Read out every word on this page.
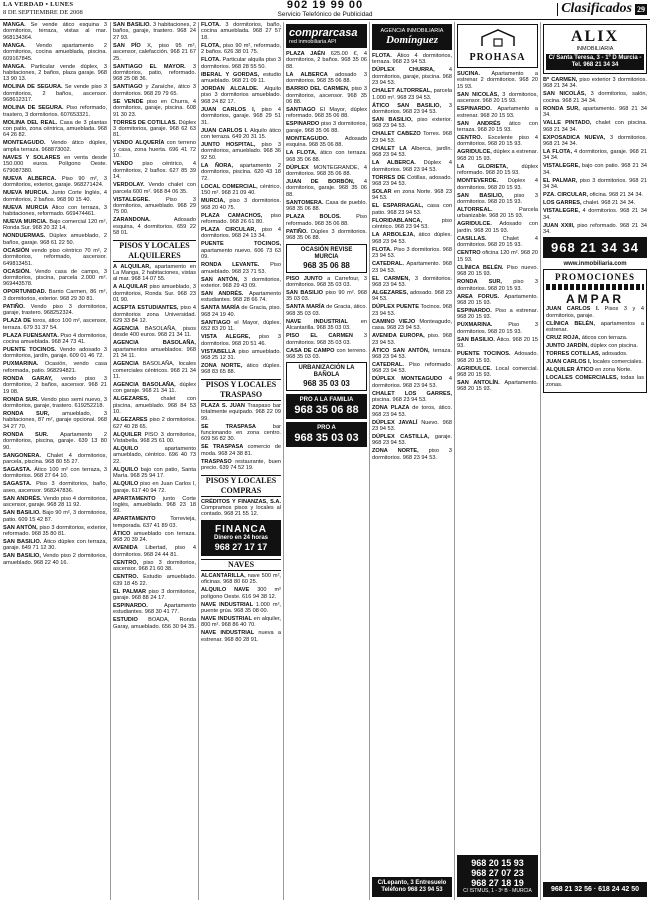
LA VERDAD • LUNES
8 DE SEPTIEMBRE DE 2008
902 19 99 00
Servicio Telefónico de Publicidad	Clasificados 29
MANGA. Se vende ático esquina 3 dormitorios, terraza, vistas al mar. 968134364.
MANGA. Vendo apartamento 2 dormitorios, cocina amueblada, piscina. 609167845.
MANGA. Particular vende dúplex, 3 habitaciones, 2 baños, plaza garaje. 968 13 90 13.
MOLINA DE SEGURA. Se vende piso 3 dormitorios, 2 baños, ascensor. 968612317.
MOLINA DE SEGURA. Piso reformado, trastero, 3 dormitorios. 607653321.
MOLINA DEL REAL. Casa de 3 plantas con patio, zona céntrica, amueblada. 968 64 26 82.
MONTEAGUDO. Vendo ático dúplex, amplia terraza. 968873002.
NAVES Y SOLARES en venta desde 150.000 euros. Polígono Oeste. 679087380.
NUEVA ALBERCA. Piso 90 m², 3 dormitorios, exterior, garaje. 968271424.
NUEVA MURCIA. Junto Corte Inglés, 4 dormitorios, 2 baños. 968 90 15 40.
NUEVA MURCIA Ático con terraza, 3 habitaciones, reformado. 669474461.
NUEVA MURCIA. Bajo comercial 120 m², Ronda Sur. 968 20 32 14.
NONDUERMAS. Dúplex amueblado, 2 baños, garaje. 968 61 22 50.
OCASIÓN vendo piso céntrico 70 m², 2 dormitorios, reformado, ascensor. 649813451.
OCASIÓN. Vendo casa de campo, 3 dormitorios, piscina, parcela 2.000 m². 969443578.
OPORTUNIDAD. Barrio Carmen, 86 m², 3 dormitorios, exterior. 968 29 30 81.
PATIÑO. Vendo piso 3 dormitorios, garaje, trastero. 968252324.
PLAZA DE toros, ático 100 m², ascensor, terraza. 679 31 37 54.
PLAZA FUENSANTA. Piso 4 dormitorios, cocina amueblada. 968 24 73 41.
PUENTE TOCINOS. Vendo adosado 3 dormitorios, jardín, garaje. 609 01 46 72.
PUXMARINA. Ocasión, vendo casa reformada, patio. 968294821.
RONDA GARAY, vendo piso 3 dormitorios, 2 baños, ascensor. 968 21 19 08.
RONDA SUR. Vendo piso semi nuevo, 3 dormitorios, garaje, trastero. 619252218.
RONDA SUR, amueblado, 3 habitaciones, 87 m², garaje opcional. 968 34 27 70.
RONDA SUR. Apartamento 2 dormitorios, piscina, garaje. 639 13 80 90.
SANGONERA. Chalet 4 dormitorios, parcela, piscina. 968 80 55 27.
SAGASTA. Ático 100 m² con terraza, 3 dormitorios. 968 27 64 10.
SAGASTA. Piso 3 dormitorios, baño, aseo, ascensor. 968247836.
SAN ANDRÉS. Vendo piso 4 dormitorios, ascensor, garaje. 968 28 11 92.
SAN BASILIO. Bajo 90 m², 3 dormitorios, patio. 609 15 42 87.
SAN ANTÓN, piso 3 dormitorios, exterior, reformado. 968 35 80 81.
SAN BASILIO. Ático dúplex con terraza, garaje. 649 71 12 30.
SAN BASILIO, Vendo piso 2 dormitorios, amueblado. 968 22 40 16.
SAN BASILIO. 3 habitaciones, 2 baños, garaje, trastero. 968 24 27 93.
SAN PÍO X, piso 95 m², ascensor, calefacción. 968 21 67 25.
SANTIAGO EL MAYOR. 3 dormitorios, patio, reformado. 968 25 08 36.
SANTIAGO y Zaraíche, ático 3 dormitorios. 968 29 79 65.
SE VENDE piso en Churra, 4 dormitorios, garaje, piscina. 608 91 30 23.
TORRES DE COTILLAS. Dúplex 3 dormitorios, garaje. 968 62 63 81.
VENDO ALQUERÍA con terreno y casa, zona huerta. 696 41 72 10.
VENDO piso céntrico, 4 dormitorios, 2 baños. 627 85 39 14.
VERDOLAY. Vendo chalet con parcela 600 m². 968 84 06 35.
VISTALEGRE. Piso 3 dormitorios, amueblado. 968 29 75 00.
ZARANDONA. Adosado esquina, 4 dormitorios. 659 22 58 01.
PISOS Y LOCALES ALQUILERES
A ALQUILAR, apartamento en La Manga, 2 habitaciones, vistas al mar. 968 14 07 55.
A ALQUILAR piso amueblado, 3 dormitorios, Ronda Sur. 968 23 01 90.
ACEPTA ESTUDIANTES, piso 4 dormitorios zona Universidad. 629 33 84 12.
AGENCIA BASOLAÑA, pisos desde 400 euros. 968 21 34 11.
AGENCIA BASOLAÑA, apartamentos amueblados. 968 21 34 11.
AGENCIA BASOLAÑA, locales comerciales céntricos. 968 21 34 11.
AGENCIA BASOLAÑA, dúplex con garaje. 968 21 34 11.
ALGEZARES, chalet con piscina, amueblado. 968 84 53 10.
ALGEZARES piso 2 dormitorios. 627 40 28 65.
ALQUILER PISO 3 dormitorios, Vistabella. 968 25 61 00.
ALQUILO apartamento amueblado, céntrico. 696 40 73 22.
ALQUILO bajo con patio, Santa María. 968 25 94 17.
ALQUILO piso en Juan Carlos I, garaje. 617 40 94 72.
APARTAMENTO junto Corte Inglés, amueblado. 968 23 18 99.
APARTAMENTO Torrevieja, temporada. 637 41 89 03.
ÁTICO amueblado con terraza. 968 20 39 24.
AVENIDA Libertad, piso 4 dormitorios. 968 24 44 81.
CENTRO, piso 3 dormitorios, ascensor. 968 21 60 38.
CENTRO. Estudio amueblado. 639 18 45 22.
EL PALMAR piso 3 dormitorios, garaje. 968 88 24 17.
ESPINARDO. Apartamento estudiantes. 968 30 41 77.
ESTUDIO BOADA, Ronda Garay, amueblado. 656 30 94 35.
FLOTA. 3 dormitorios, baño, cocina amueblada. 968 27 57 18.
FLOTA, piso 90 m², reformado, 2 baños. 626 38 01 75.
FLOTA. Particular alquila piso 3 dormitorios. 968 28 55 50.
IBERAL Y GORDAS, estudio amueblado. 968 21 09 11.
JORDAN ALCALDE. Alquilo piso 3 dormitorios amueblado. 968 24 82 17.
JUAN CARLOS I, piso 4 dormitorios, garaje. 968 29 51 31.
JUAN CARLOS I. Alquilo ático con terraza. 649 20 31 15.
JUNTO HOSPITAL, piso 3 dormitorios, amueblado. 968 36 92 50.
LA ÑORA, apartamento 2 dormitorios, piscina. 620 43 18 72.
LOCAL COMERCIAL, céntrico, 150 m². 968 21 09 40.
MURCIA, piso 3 dormitorios. 968 20 40 75.
PLAZA CAMACHOS, piso reformado. 968 26 61 80.
PLAZA CIRCULAR, piso 4 dormitorios. 968 24 13 34.
PUENTE TOCINOS, apartamento nuevo. 606 73 63 09.
RONDA LEVANTE. Piso amueblado. 968 23 71 53.
SAN ANTÓN, 3 dormitorios, exterior. 968 29 43 09.
SAN ANDRÉS. Apartamento estudiantes. 968 28 66 74.
SANTA MARÍA de Gracia, piso. 968 24 19 40.
SANTIAGO el Mayor, dúplex. 652 83 20 11.
VISTA ALEGRE, piso 3 dormitorios. 968 20 51 46.
VISTABELLA piso amueblado. 968 25 12 31.
ZONA NORTE, ático dúplex. 968 83 65 88.
PISOS Y LOCALES TRASPASO
PLAZA S. JUAN Traspaso bar totalmente equipado. 968 22 09 99.
SE TRASPASA bar funcionando en zona centro. 609 56 82 30.
SE TRASPASA comercio de moda. 968 24 38 81.
TRASPASO restaurante, buen precio. 639 74 52 19.
PISOS Y LOCALES COMPRAS
CRÉDITOS Y FINANZAS, S.A. Compramos pisos y locales al contado. 968 21 55 12.
FINANCA
Dinero en 24 horas
968 27 17 17
NAVES
ALCANTARILLA, nave 500 m², oficinas. 968 80 60 25.
ALQUILO NAVE 300 m² polígono Oeste. 616 94 38 12.
NAVE INDUSTRIAL 1.000 m², puente grúa. 968 35 08 00.
NAVE INDUSTRIAL en alquiler, 800 m². 968 86 40 70.
NAVE INDUSTRIAL nueva a estrenar. 968 80 28 91.
comprarcasa
red inmobiliaria API
PLAZA JAÉN 625.00 €, 4 dormitorios, 2 baños. 968 35 06 88.
LA ALBERCA adosado 3 dormitorios. 968 35 06 88.
BARRIO DEL CARMEN, piso 3 dormitorios, ascensor. 968 35 06 88.
SANTIAGO El Mayor, dúplex reformado. 968 35 06 88.
ESPINARDO piso 3 dormitorios, garaje. 968 35 06 88.
MONTEAGUDO. Adosado esquina. 968 35 06 88.
LA FLOTA, ático con terraza. 968 35 06 88.
DÚPLEX MONTEGRANDE, 4 dormitorios. 968 35 06 88.
JUAN DE BORBÓN, 4 dormitorios, garaje. 968 35 06 88.
SANTOMERA. Casa de pueblo. 968 35 06 88.
PLAZA BOLOS. Piso reformado. 968 35 06 88.
PATIÑO. Dúplex 3 dormitorios. 968 35 06 88.
OCASIÓN REVISE MURCIA
968 35 06 88
PISO JUNTO a Carrefour, 3 dormitorios. 968 35 03 03.
SAN BASILIO piso 90 m². 968 35 03 03.
SANTA MARÍA de Gracia, ático. 968 35 03 03.
NAVE INDUSTRIAL en Alcantarilla. 968 35 03 03.
PISO EL CARMEN 3 dormitorios. 968 35 03 03.
CASA DE CAMPO con terreno. 968 35 03 03.
URBANIZACIÓN LA BAÑOLA
968 35 03 03
PRO A LA FAMILIA
968 35 06 88
PRO A
968 35 03 03
AGENCIA INMOBILIARIA
Domínguez
FLOTA. Ático 4 dormitorios, terraza. 968 23 94 53.
DÚPLEX CHURRA, 4 dormitorios, garaje, piscina. 968 23 94 53.
CHALET ALTORREAL, parcela 1.000 m². 968 23 94 53.
ÁTICO SAN BASILIO, 3 dormitorios. 968 23 94 53.
SAN BASILIO, piso exterior. 968 23 94 53.
CHALET CABEZO Torres. 968 23 94 53.
CHALET LA Alberca, jardín. 968 23 94 53.
LA ALBERCA. Dúplex 4 dormitorios. 968 23 94 53.
TORRES DE Cotillas, adosado. 968 23 94 53.
SOLAR en zona Norte. 968 23 94 53.
EL ESPARRAGAL, casa con patio. 968 23 94 53.
FLORIDABLANCA, piso céntrico. 968 23 94 53.
LA ARBOLEJA, ático dúplex. 968 23 94 53.
FLOTA. Piso 3 dormitorios. 968 23 94 53.
CATEDRAL. Apartamento. 968 23 94 53.
EL CARMEN, 3 dormitorios. 968 23 94 53.
ALGEZARES, adosado. 968 23 94 53.
DÚPLEX PUENTE Tocinos. 968 23 94 53.
CAMINO VIEJO Monteagudo, casa. 968 23 94 53.
AVENIDA EUROPA, piso. 968 23 94 53.
ÁTICO SAN ANTÓN, terraza. 968 23 94 53.
CATEDRAL. Piso reformado. 968 23 94 53.
DÚPLEX MONTEAGUDO 4 dormitorios. 968 23 94 53.
CHALET LOS GARRES, piscina. 968 23 94 53.
ZONA PLAZA de toros, ático. 968 23 94 53.
DÚPLEX JAVALÍ Nuevo. 968 23 94 53.
DÚPLEX CASTILLA, garaje. 968 23 94 53.
ZONA NORTE, piso 3 dormitorios. 968 23 94 53.
C/Lepanto, 3 Entresuelo Teléfono 968 23 94 53
PROHASA
SUCINA. Apartamento a estrenar 2 dormitorios. 968 20 15 93.
SAN NICOLÁS, 3 dormitorios, ascensor. 968 20 15 93.
ESPINARDO. Apartamento a estrenar. 968 20 15 93.
SAN ANDRÉS ático con terraza. 968 20 15 93.
CENTRO. Excelente piso 4 dormitorios. 968 20 15 93.
AGRIDULCE, dúplex a estrenar. 968 20 15 93.
LA GLORIETA, dúplex reformado. 968 20 15 93.
MONTEVERDE. Dúplex 4 dormitorios. 968 20 15 93.
SAN BASILIO, piso 3 dormitorios. 968 20 15 93.
ALTORREAL. Parcela urbanizable. 968 20 15 93.
AGRIDULCE. Adosado con jardín. 968 20 15 93.
CASILLAS. Chalet 4 dormitorios. 968 20 15 93.
CENTRO oficina 120 m². 968 20 15 93.
CLÍNICA BELÉN. Piso nuevo. 968 20 15 93.
RONDA SUR, piso 3 dormitorios. 968 20 15 93.
AREA FORUS. Apartamento. 968 20 15 93.
ESPINARDO. Piso a estrenar. 968 20 15 93.
PUXMARINA. Piso 3 dormitorios. 968 20 15 93.
SAN BASILIO. Ático. 968 20 15 93.
PUENTE TOCINOS. Adosado. 968 20 15 93.
AGRIDULCE. Local comercial. 968 20 15 93.
SAN ANTOLÍN. Apartamento. 968 20 15 93.
968 20 15 93
968 27 07 23
968 27 18 19
C/ ISTMUS, 1 - 3º B - MURCIA
ALIX
INMOBILIARIA
C/ Santa Teresa, 3 - 1º D Murcia - Tel. 968 21 34 34
Bº CARMEN, piso exterior 3 dormitorios. 968 21 34 34.
SAN NICOLÁS, 3 dormitorios, salón, cocina. 968 21 34 34.
RONDA SUR, apartamento. 968 21 34 34.
VALLE PINTADO, chalet con piscina. 968 21 34 34.
EXPOSADICA NUEVA, 3 dormitorios. 968 21 34 34.
LA FLOTA, 4 dormitorios, garaje. 968 21 34 34.
VISTALEGRE, bajo con patio. 968 21 34 34.
EL PALMAR, piso 3 dormitorios. 968 21 34 34.
PZA. CIRCULAR, oficina. 968 21 34 34.
LOS GARRES, chalet. 968 21 34 34.
VISTALEGRE, 4 dormitorios. 968 21 34 34.
JUAN XXIII, piso reformado. 968 21 34 34.
968 21 34 34
www.inmobiliaria.com
PROMOCIONES
AMPAR
JUAN CARLOS I. Pisos 3 y 4 dormitorios, garaje.
CLÍNICA BELÉN, apartamentos a estrenar.
CRUZ ROJA, áticos con terraza.
JUNTO JARDÍN, dúplex con piscina.
TORRES COTILLAS, adosados.
JUAN CARLOS I, locales comerciales.
ALQUILER ÁTICO en zona Norte.
LOCALES COMERCIALES, todas las zonas.
968 21 32 56 · 618 24 42 50
